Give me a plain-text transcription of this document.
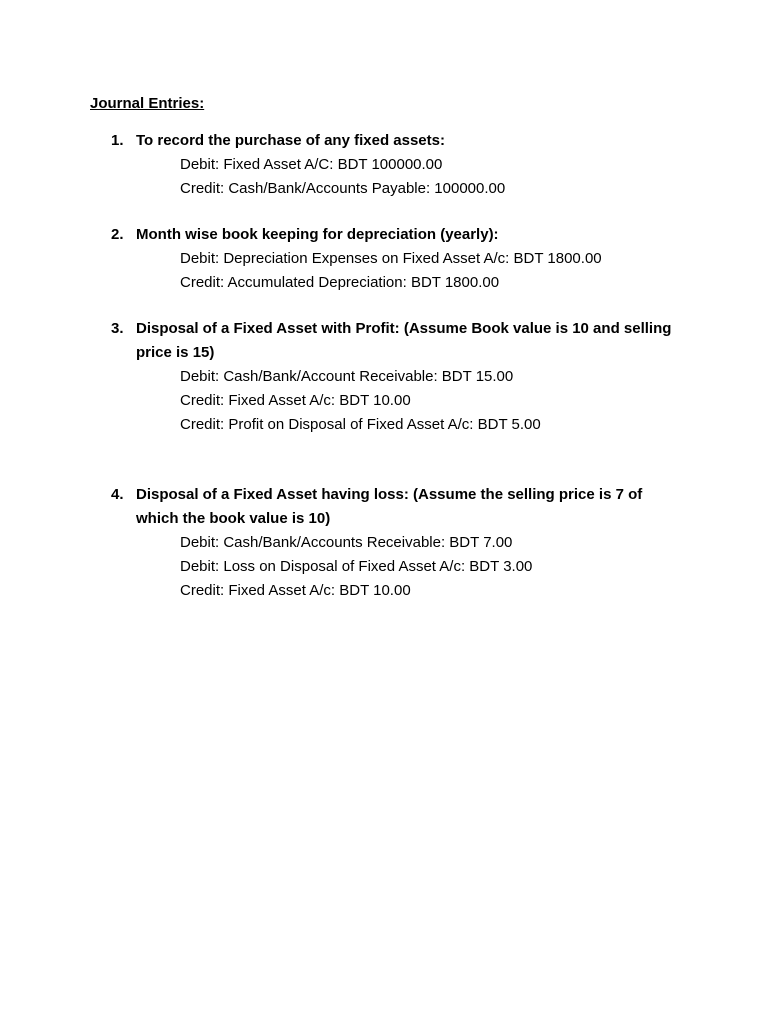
Journal Entries:
1. To record the purchase of any fixed assets:
Debit: Fixed Asset A/C: BDT 100000.00
Credit: Cash/Bank/Accounts Payable: 100000.00
2. Month wise book keeping for depreciation (yearly):
Debit: Depreciation Expenses on Fixed Asset A/c: BDT 1800.00
Credit: Accumulated Depreciation: BDT 1800.00
3. Disposal of a Fixed Asset with Profit: (Assume Book value is 10 and selling price is 15)
Debit: Cash/Bank/Account Receivable: BDT 15.00
Credit: Fixed Asset A/c: BDT 10.00
Credit: Profit on Disposal of Fixed Asset A/c: BDT 5.00
4. Disposal of a Fixed Asset having loss: (Assume the selling price is 7 of which the book value is 10)
Debit: Cash/Bank/Accounts Receivable: BDT 7.00
Debit: Loss on Disposal of Fixed Asset A/c: BDT 3.00
Credit: Fixed Asset A/c: BDT 10.00
